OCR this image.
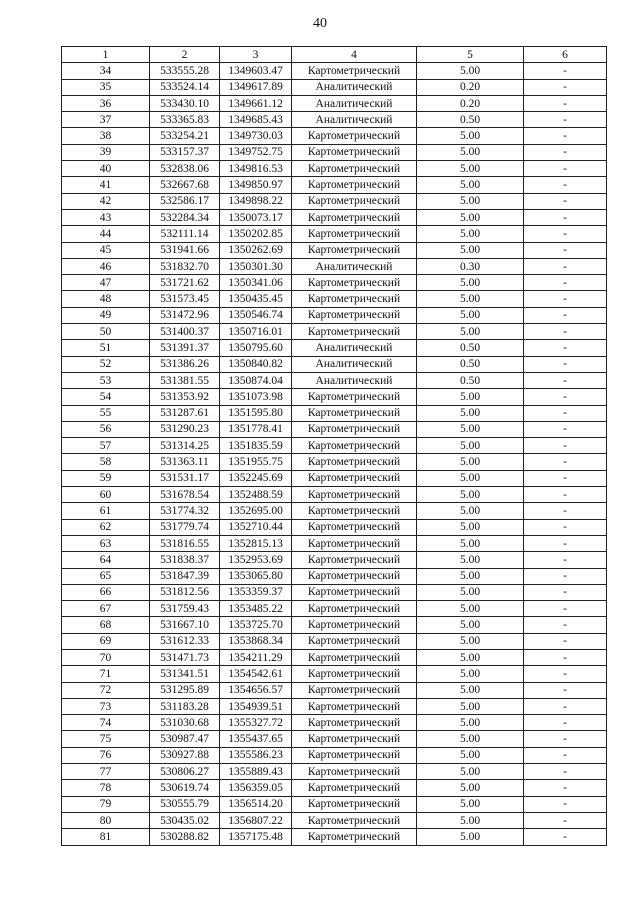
40
1	2	3	4	5	6
34	533555.28	1349603.47	Картометрический	5.00	-
35	533524.14	1349617.89	Аналитический	0.20	-
36	533430.10	1349661.12	Аналитический	0.20	-
37	533365.83	1349685.43	Аналитический	0.50	-
38	533254.21	1349730.03	Картометрический	5.00	-
39	533157.37	1349752.75	Картометрический	5.00	-
40	532838.06	1349816.53	Картометрический	5.00	-
41	532667.68	1349850.97	Картометрический	5.00	-
42	532586.17	1349898.22	Картометрический	5.00	-
43	532284.34	1350073.17	Картометрический	5.00	-
44	532111.14	1350202.85	Картометрический	5.00	-
45	531941.66	1350262.69	Картометрический	5.00	-
46	531832.70	1350301.30	Аналитический	0.30	-
47	531721.62	1350341.06	Картометрический	5.00	-
48	531573.45	1350435.45	Картометрический	5.00	-
49	531472.96	1350546.74	Картометрический	5.00	-
50	531400.37	1350716.01	Картометрический	5.00	-
51	531391.37	1350795.60	Аналитический	0.50	-
52	531386.26	1350840.82	Аналитический	0.50	-
53	531381.55	1350874.04	Аналитический	0.50	-
54	531353.92	1351073.98	Картометрический	5.00	-
55	531287.61	1351595.80	Картометрический	5.00	-
56	531290.23	1351778.41	Картометрический	5.00	-
57	531314.25	1351835.59	Картометрический	5.00	-
58	531363.11	1351955.75	Картометрический	5.00	-
59	531531.17	1352245.69	Картометрический	5.00	-
60	531678.54	1352488.59	Картометрический	5.00	-
61	531774.32	1352695.00	Картометрический	5.00	-
62	531779.74	1352710.44	Картометрический	5.00	-
63	531816.55	1352815.13	Картометрический	5.00	-
64	531838.37	1352953.69	Картометрический	5.00	-
65	531847.39	1353065.80	Картометрический	5.00	-
66	531812.56	1353359.37	Картометрический	5.00	-
67	531759.43	1353485.22	Картометрический	5.00	-
68	531667.10	1353725.70	Картометрический	5.00	-
69	531612.33	1353868.34	Картометрический	5.00	-
70	531471.73	1354211.29	Картометрический	5.00	-
71	531341.51	1354542.61	Картометрический	5.00	-
72	531295.89	1354656.57	Картометрический	5.00	-
73	531183.28	1354939.51	Картометрический	5.00	-
74	531030.68	1355327.72	Картометрический	5.00	-
75	530987.47	1355437.65	Картометрический	5.00	-
76	530927.88	1355586.23	Картометрический	5.00	-
77	530806.27	1355889.43	Картометрический	5.00	-
78	530619.74	1356359.05	Картометрический	5.00	-
79	530555.79	1356514.20	Картометрический	5.00	-
80	530435.02	1356807.22	Картометрический	5.00	-
81	530288.82	1357175.48	Картометрический	5.00	-
